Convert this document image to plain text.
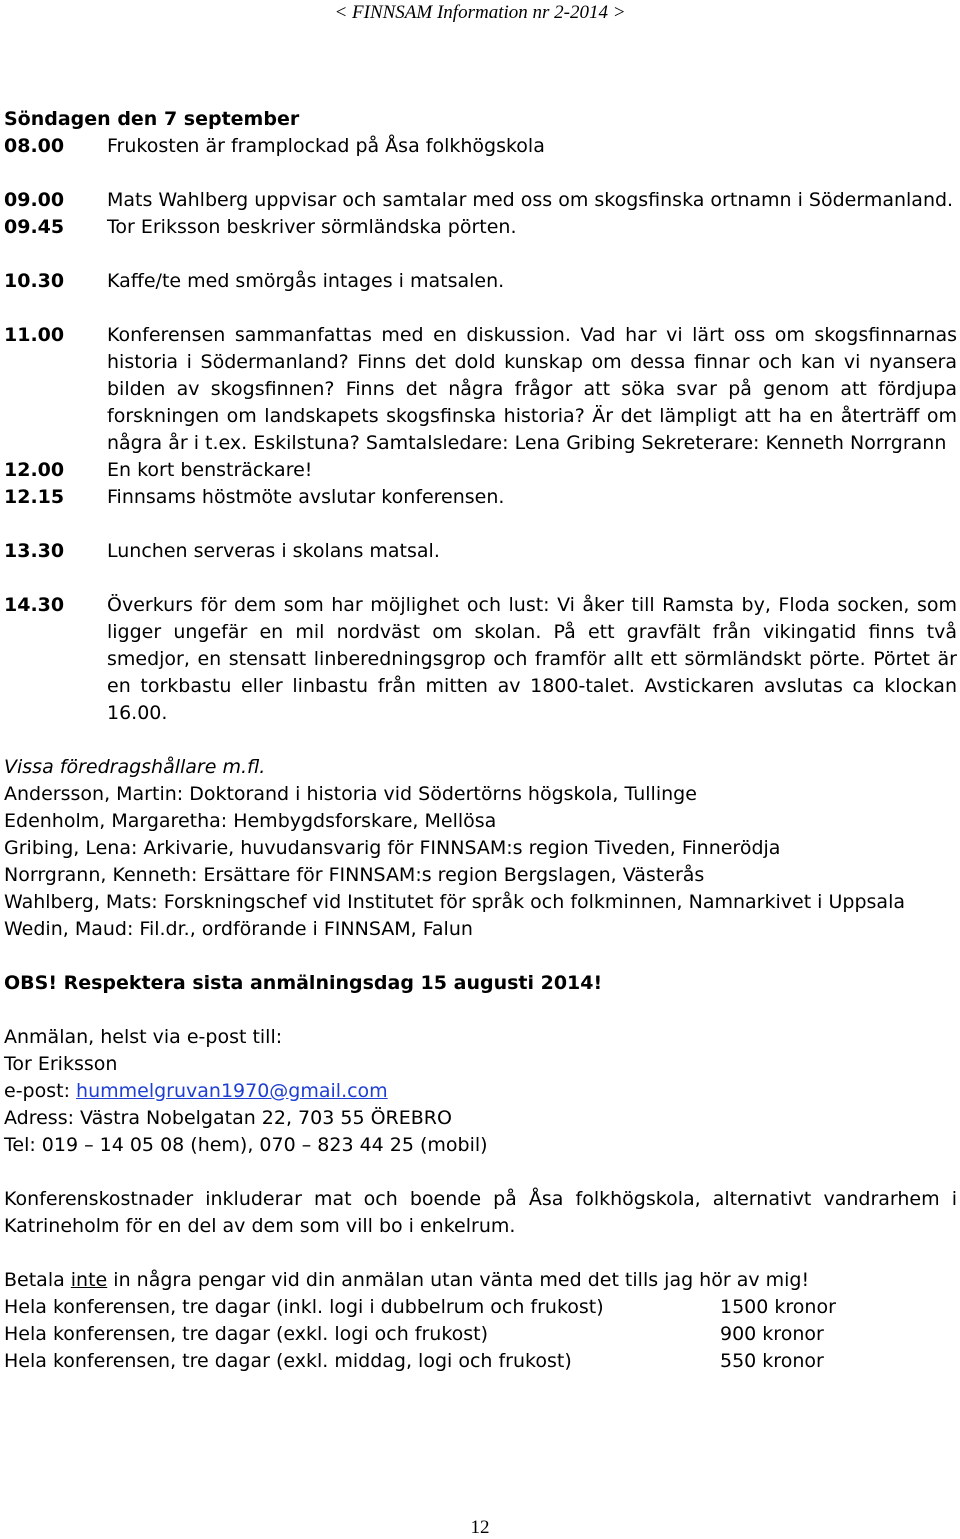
< FINNSAM Information nr 2-2014 >
Söndagen den 7 september
08.00	Frukosten är framplockad på Åsa folkhögskola
09.00	Mats Wahlberg uppvisar och samtalar med oss om skogsfinska ortnamn i Södermanland.
09.45	Tor Eriksson beskriver sörmländska pörten.
10.30	Kaffe/te med smörgås intages i matsalen.
11.00	Konferensen sammanfattas med en diskussion. Vad har vi lärt oss om skogsfinnarnas historia i Södermanland? Finns det dold kunskap om dessa finnar och kan vi nyansera bilden av skogsfinnen? Finns det några frågor att söka svar på genom att fördjupa forskningen om landskapets skogsfinska historia? Är det lämpligt att ha en återträff om några år i t.ex. Eskilstuna? Samtalsledare: Lena Gribing Sekreterare: Kenneth Norrgrann
12.00	En kort bensträckare!
12.15	Finnsams höstmöte avslutar konferensen.
13.30	Lunchen serveras i skolans matsal.
14.30	Överkurs för dem som har möjlighet och lust: Vi åker till Ramsta by, Floda socken, som ligger ungefär en mil nordväst om skolan. På ett gravfält från vikingatid finns två smedjor, en stensatt linberedningsgrop och framför allt ett sörmländskt pörte. Pörtet är en torkbastu eller linbastu från mitten av 1800-talet. Avstickaren avslutas ca klockan 16.00.
Vissa föredragshållare m.fl.
Andersson, Martin: Doktorand i historia vid Södertörns högskola, Tullinge
Edenholm, Margaretha: Hembygdsforskare, Mellösa
Gribing, Lena: Arkivarie, huvudansvarig för FINNSAM:s region Tiveden, Finnerödja
Norrgrann, Kenneth: Ersättare för FINNSAM:s region Bergslagen, Västerås
Wahlberg, Mats: Forskningschef vid Institutet för språk och folkminnen, Namnarkivet i Uppsala
Wedin, Maud: Fil.dr., ordförande i FINNSAM, Falun
OBS! Respektera sista anmälningsdag 15 augusti 2014!
Anmälan, helst via e-post till:
Tor Eriksson
e-post: hummelgruvan1970@gmail.com
Adress: Västra Nobelgatan 22, 703 55 ÖREBRO
Tel: 019 – 14 05 08 (hem), 070 – 823 44 25 (mobil)
Konferenskostnader inkluderar mat och boende på Åsa folkhögskola, alternativt vandrarhem i Katrineholm för en del av dem som vill bo i enkelrum.
Betala inte in några pengar vid din anmälan utan vänta med det tills jag hör av mig!
Hela konferensen, tre dagar (inkl. logi i dubbelrum och frukost)	1500 kronor
Hela konferensen, tre dagar (exkl. logi och frukost)	900 kronor
Hela konferensen, tre dagar (exkl. middag, logi och frukost)	550 kronor
12
